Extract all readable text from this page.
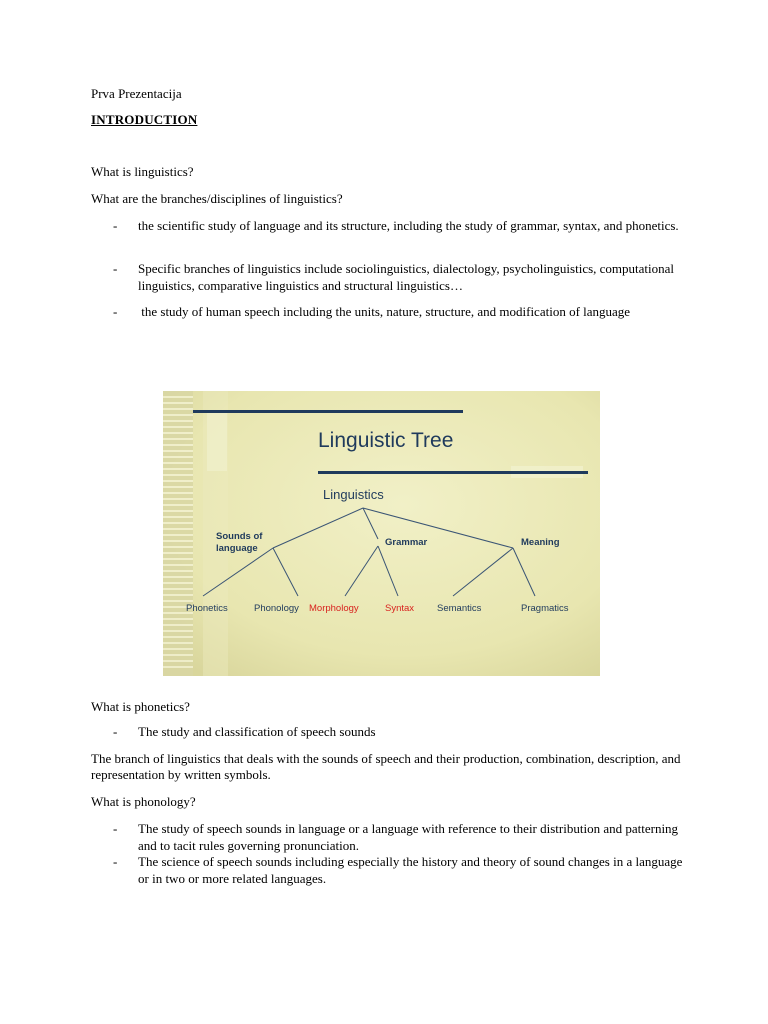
Prva Prezentacija

INTRODUCTION

What is linguistics?

What are the branches/disciplines of linguistics?

- the scientific study of language and its structure, including the study of grammar, syntax, and phonetics.
- Specific branches of linguistics include sociolinguistics, dialectology, psycholinguistics, computational linguistics, comparative linguistics and structural linguistics…
- the study of human speech including the units, nature, structure, and modification of language
Linguistic Tree
Linguistics
Sounds of
language
Grammar	Meaning
Phonetics	Phonology Morphology	Syntax Semantics	Pragmatics

What is phonetics?

- The study and classification of speech sounds

The branch of linguistics that deals with the sounds of speech and their production, combination, description, and representation by written symbols.

What is phonology?

- The study of speech sounds in language or a language with reference to their distribution and patterning and to tacit rules governing pronunciation.
- The science of speech sounds including especially the history and theory of sound changes in a language or in two or more related languages.
